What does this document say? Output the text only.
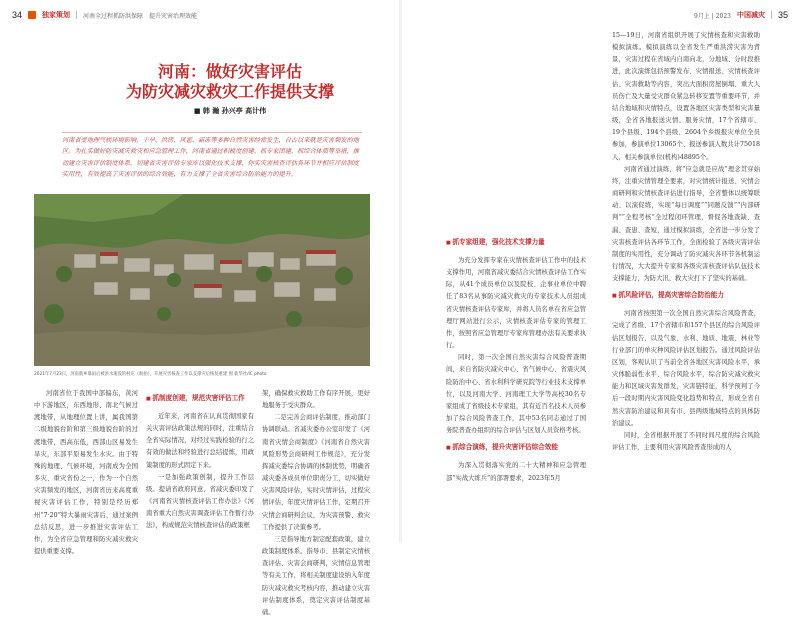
34	独家策划 河南全过程抓防洪保障 提升灾害治理效能	9月上 | 2023 中国减灾 35
河南：做好灾害评估
为防灾减灾救灾工作提供支撑
■ 韩 瀚 孙兴亭 高计伟
河南省受地理气候环境影响，干旱、洪涝、风雹、霜冻等多种自然灾害经常发生，自古以来就是灾害频发的地区。为扎实做好防灾减灾救灾和应急管理工作，河南省通过积极度创建、抓专家团建、抓综合体质等举措，推动建立灾害评估制度体系，切建省灾害评估专家库以强化技术支撑，你实灾害核查评估各环节并相应评估制度实用性，有效提高了灾害评估的综合效能，有力支撑了全省灾害综合防治能力的提升。
2021年7月23日，河南新乡暴雨后被洪水淹没的村庄（航拍），开展灾害核查工作以支撑灾后恢复重建 图 新华社/IC photo

河南省位于我国中部偏东，黄河中下游地区，东西地形、南北气候过渡地带，从地理位置上讲，属我国第二级地貌台阶和第三级地貌台阶的过渡地带，西高东低，西部山区易发生旱灾，东部平原易发生水灾。由于特殊的地理、气候环境，河南成为全国多灾、重灾省份之一，作为一个自然灾害频发的地区，河南省历来高度重视灾害评估工作，特别是经历郑州“7·20”特大暴雨灾害后，通过案例总结反思，进一步推进灾害评估工作，为全省应急管理和防灾减灾救灾提供重要支撑。

■ 抓制度创建，规范灾害评估工作

近年来，河南省在认真贯彻国家有关灾害评估政策法规的同时，注重结合全省实际情况，对经过实践检验的行之有效的做法和经验进行总结提炼，用政策制度的形式固定下来。

一是加强政策创制，提升工作层级。提请省政府同意，省减灾委印发了《河南省灾情核查评估工作办法》《河南省重大自然灾害调查评估工作暂行办法》，构成规范灾情核查评估的政策框

架，确保救灾救助工作有序开展，更好地服务于受灾群众。

二是完善会商评估制度，推动部门协调联动。省减灾委办公室印发了《河南省灾情会商制度》《河南省自然灾害风险形势会商研判工作规范》，充分发挥减灾委综合协调的体制优势，明确省减灾委各成员单位职责分工，切实做好灾害风险评估，实时灾情评估，过程灾情评估，年度灾情评估工作，定期召开灾情会商研判会议，为灾害预警、救灾工作提供了决策参考。

三是指导地方制定配套政策，建立政策制度体系。指导市、县制定灾情核查评估、灾害会商研判，灾情信息管理等有关工作，将相关制度建设纳入年度防灾减灾救灾考核内容，推动建立灾害评估制度体系，奠定灾害评估制度基础。

■ 抓专家组建，强化技术支撑力量

为充分发挥专家在灾情核查评估工作中的技术支撑作用，河南省减灾委结合灾情核查评估工作实际，从41个成员单位以及院校、企事业单位中聘任了83名从事防灾减灾救灾的专家技术人员组成省灾情核查评估专家库，并将人员名单在省应急管理厅网站进行公示，灾情核查评估专家的管理工作，按照省应急管理厅专家库管理办法有关要求执行。

同时，第一次全国自然灾害综合风险普查期间，来自省防灾减灾中心、省气候中心、省震灾风险防治中心、省水利科学研究院等行业技术支撑单位，以及河南大学、河南理工大学等高校30名专家组成了省级技术专家组，其有近百名技术人员参加了综合风险普查工作，其中53名同志通过了国务院普查办组织的综合评估与区划人员资格考核。

■ 抓综合演练，提升灾害评估综合效能

为深入贯彻落实党的二十大精神和应急管理部“实战大练兵”的部署要求，2023年5月

15—19日，河南省组织开展了灾情核查和灾害救助模拟演练。模拟演练以全省发生严重洪涝灾害为背景，灾害过程在省域内自南向北，分地域、分时段推进，此次演练包括预警发布、灾情报送、灾情核查评估、灾害救助等内容，突出大面积房屋倒塌、重大人员伤亡及大量受灾群众紧急转移安置等重要环节，并结合地域和灾情特点，设置各地区灾害类型和灾害量级，全省各地报送灾情、服务灾情，17个省辖市、19个县级、194个县级、2604个乡级报灾单位全员参加，参演单位13065个、报送参演人数共计75018人，相关参演单位(机构)48895个。

河南省通过演练，将“应急就是应战”理念贯穿始终，注重灾情管理全要素，对灾情统计报送、灾情会商研判和灾情核查评估进行指导，全省整体以统筹联动、以演促练，实现“每日调度”“同题反馈”“内部研判”“全程考核”全过程闭环管理，督促各地查缺、查漏、查患、查短，通过模拟演练，全省进一步分发了灾害核查评估各环节工作，全面检验了各级灾害评估制度的实用性，充分调动了防灾减灾各环节各机制运行情况，大大提升专家和各级灾害核查评估队伍技术支撑能力，为防大汛、救大灾打下了坚实的基础。

■ 抓风险评估，提高灾害综合防治能力

河南省按照第一次全国自然灾害综合风险普查，完成了省级、17个省辖市和157个县区的综合风险评估区划报告，以及气象、水利、地质、地震、林业等行业部门的单灾种风险评估区划报告。通过风险评估区划，客观认识了当前全省各地区灾害风险水平，承灾体脆弱性水平、综合风险水平，综合防灾减灾救灾能力和区域灾害发群发，灾害链特征，科学预判了今后一段时期内灾害风险变化趋势和特点，形成全省自然灾害防治建议和具有市、县两级地域特点的具体防治建议。

同时，全省根据开展了不同时间尺度的综合风险评估工作，主要利用灾害风险普查形成的人
